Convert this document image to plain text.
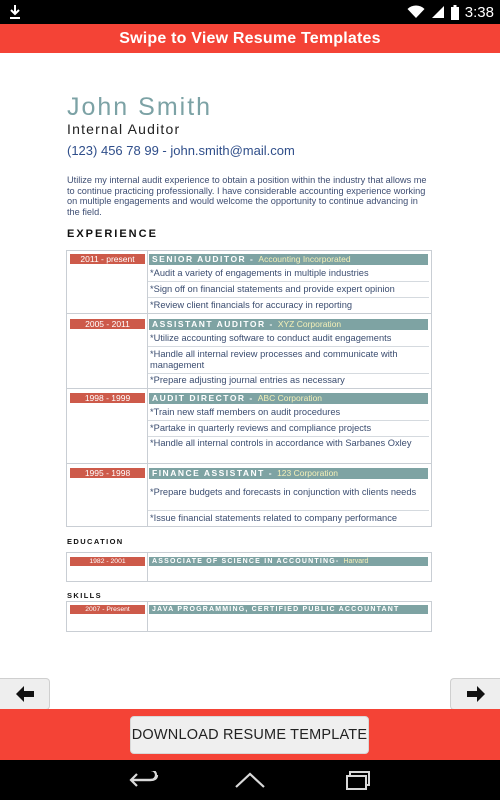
3:38
Swipe to View Resume Templates
John Smith
Internal Auditor
(123) 456 78 99 - john.smith@mail.com
Utilize my internal audit experience to obtain a position within the industry that allows me to continue practicing professionally. I have considerable accounting experience working on multiple engagements and would welcome the opportunity to continue advancing in the field.
EXPERIENCE
2011 - present	SENIOR AUDITOR - Accounting Incorporated
*Audit a variety of engagements in multiple industries
*Sign off on financial statements and provide expert opinion
*Review client financials for accuracy in reporting
2005 - 2011	ASSISTANT AUDITOR - XYZ Corporation
*Utilize accounting software to conduct audit engagements
*Handle all internal review processes and communicate with management
*Prepare adjusting journal entries as necessary
1998 - 1999	AUDIT DIRECTOR - ABC Corporation
*Train new staff members on audit procedures
*Partake in quarterly reviews and compliance projects
*Handle all internal controls in accordance with Sarbanes Oxley
1995 - 1998	FINANCE ASSISTANT - 123 Corporation
*Prepare budgets and forecasts in conjunction with clients needs
*Issue financial statements related to company performance
EDUCATION
1982 - 2001	ASSOCIATE OF SCIENCE IN ACCOUNTING- Harvard
SKILLS
2007 - Present	JAVA PROGRAMMING, CERTIFIED PUBLIC ACCOUNTANT
DOWNLOAD RESUME TEMPLATE
